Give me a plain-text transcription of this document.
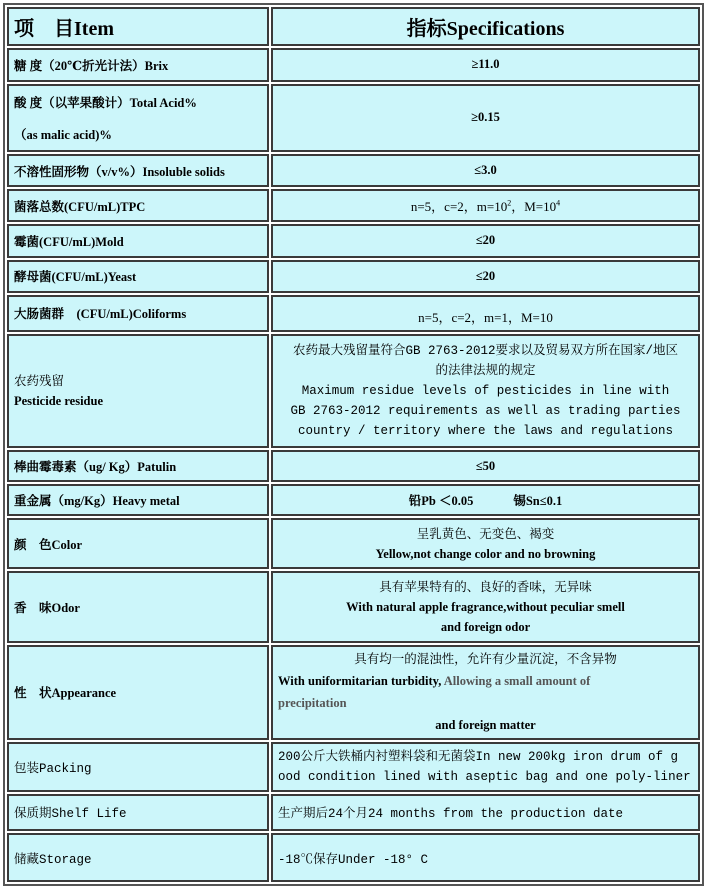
项　目Item	指标Specifications
糖 度（20℃折光计法）Brix	≥11.0

酸 度（以苹果酸计）Total Acid%
（as malic acid)%	≥0.15
不溶性固形物（v/v%）Insoluble solids	≤3.0
菌落总数(CFU/mL)TPC	n=5，c=2，$m=10^2$，$M=10^4$
霉菌(CFU/mL)Mold	≤20
酵母菌(CFU/mL)Yeast	≤20
大肠菌群　(CFU/mL)Coliforms	n=5，c=2，m=1，M=10

农药残留
Pesticide residue	农药最大残留量符合GB 2763-2012要求以及贸易双方所在国家/地区
的法律法规的规定
Maximum residue levels of pesticides in line with
GB 2763-2012 requirements as well as trading parties
country / territory where the laws and regulations

棒曲霉毒素（ug/ Kg）Patulin	≤50
重金属（mg/Kg）Heavy metal	铅Pb ＜0.05 锡Sn≤0.1
颜　色Color	呈乳黄色、无变色、褐变
Yellow,not change color and no browning

香　味Odor	具有苹果特有的、良好的香味，无异味
With natural apple fragrance,without peculiar smell
and foreign odor

性　状Appearance	具有均一的混浊性，允许有少量沉淀，不含异物
With uniformitarian turbidity, Allowing a small amount of
precipitation
and foreign matter

包装Packing	200公斤大铁桶内衬塑料袋和无菌袋In new 200kg iron drum of g
ood condition lined with aseptic bag and one poly-liner

保质期Shelf Life	生产期后24个月24 months from the production date
储藏Storage	-18℃保存Under -18° C
